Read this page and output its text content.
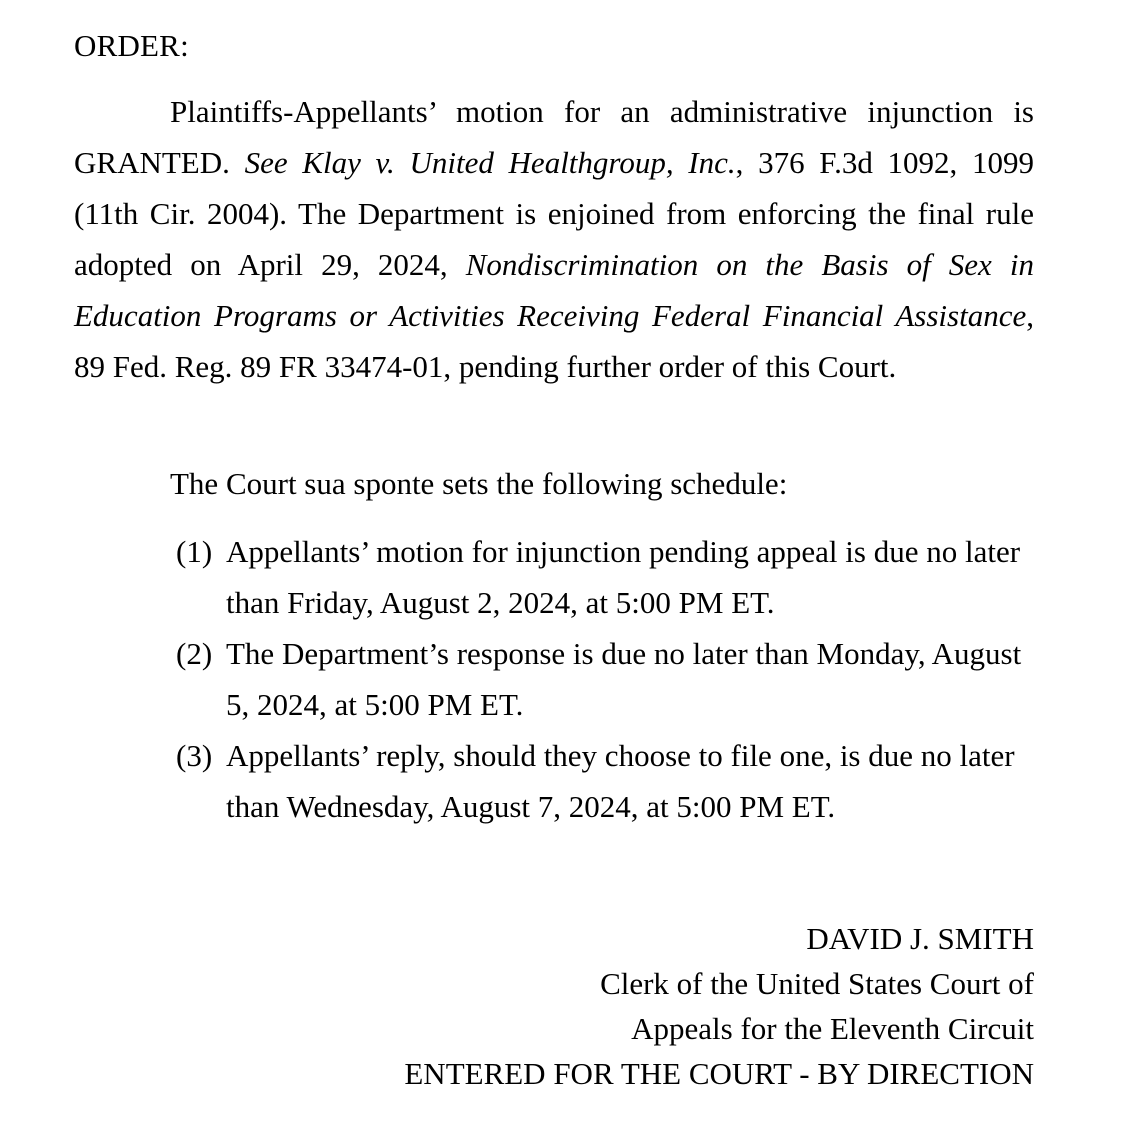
ORDER:

Plaintiffs-Appellants’ motion for an administrative injunction is GRANTED. See Klay v. United Healthgroup, Inc., 376 F.3d 1092, 1099 (11th Cir. 2004). The Department is enjoined from enforcing the final rule adopted on April 29, 2024, Nondiscrimination on the Basis of Sex in Education Programs or Activities Receiving Federal Financial Assistance, 89 Fed. Reg. 89 FR 33474-01, pending further order of this Court.

The Court sua sponte sets the following schedule:
(1) Appellants’ motion for injunction pending appeal is due no later than Friday, August 2, 2024, at 5:00 PM ET.
(2) The Department’s response is due no later than Monday, August 5, 2024, at 5:00 PM ET.
(3) Appellants’ reply, should they choose to file one, is due no later than Wednesday, August 7, 2024, at 5:00 PM ET.
DAVID J. SMITH
Clerk of the United States Court of
Appeals for the Eleventh Circuit
ENTERED FOR THE COURT - BY DIRECTION
